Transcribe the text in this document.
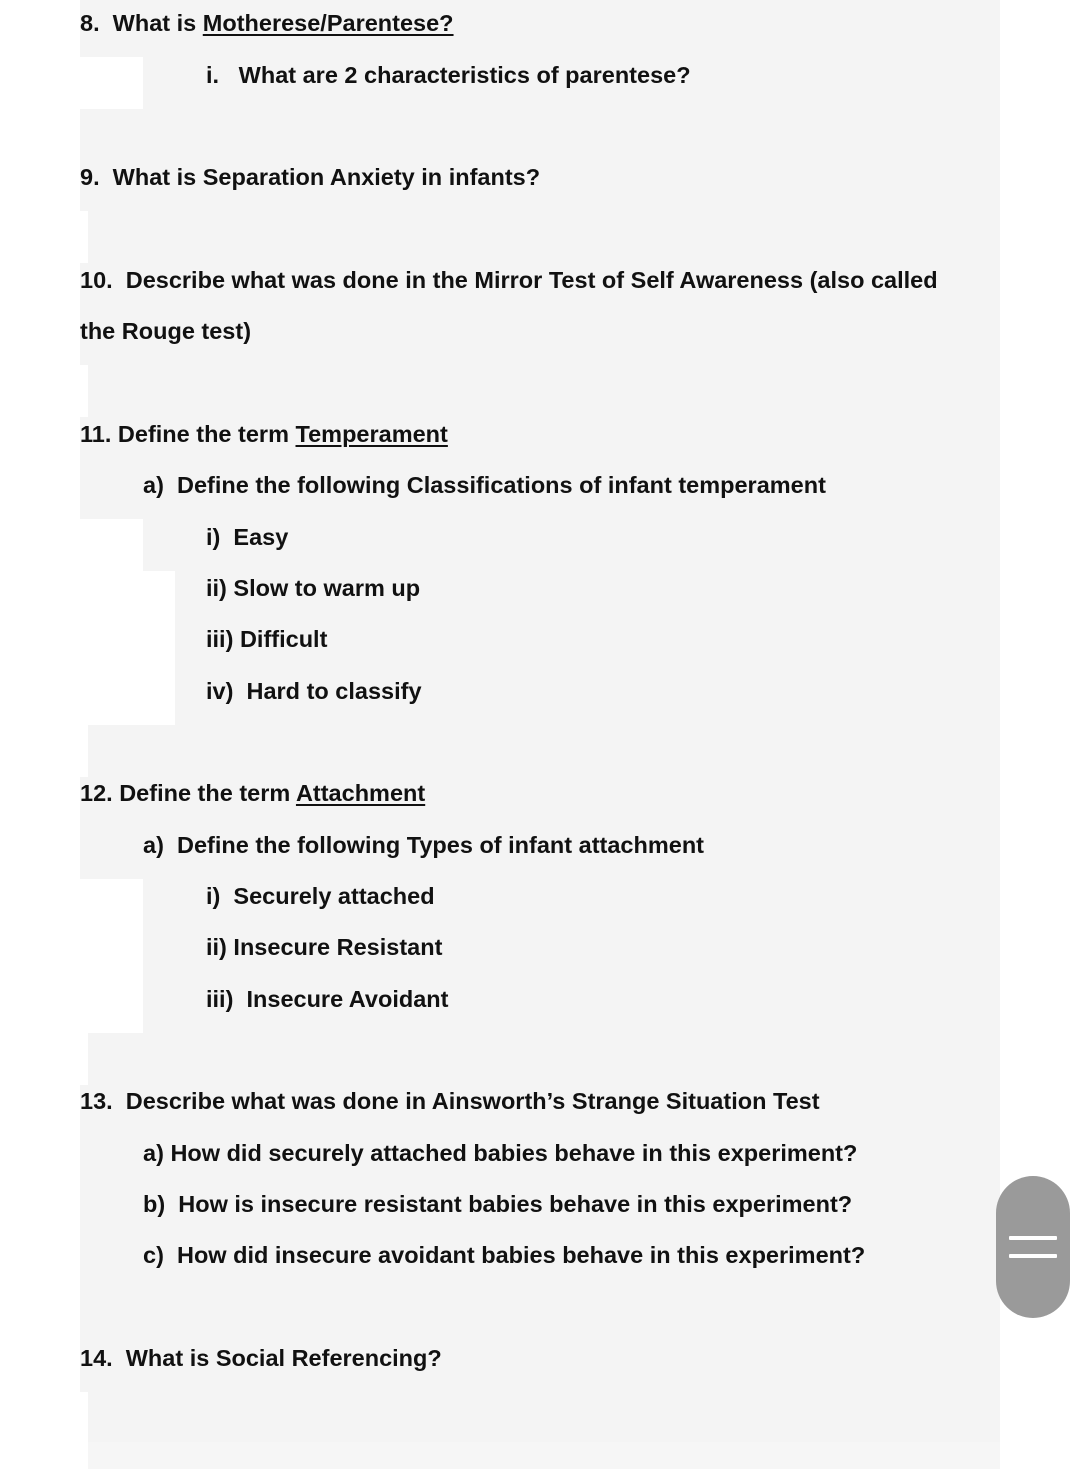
8. What is Motherese/Parentese?
i. What are 2 characteristics of parentese?
9. What is Separation Anxiety in infants?
10. Describe what was done in the Mirror Test of Self Awareness (also called
the Rouge test)
11. Define the term Temperament
a) Define the following Classifications of infant temperament
i) Easy
ii) Slow to warm up
iii) Difficult
iv) Hard to classify
12. Define the term Attachment
a) Define the following Types of infant attachment
i) Securely attached
ii) Insecure Resistant
iii) Insecure Avoidant
13. Describe what was done in Ainsworth’s Strange Situation Test
a) How did securely attached babies behave in this experiment?
b) How is insecure resistant babies behave in this experiment?
c) How did insecure avoidant babies behave in this experiment?
14. What is Social Referencing?
